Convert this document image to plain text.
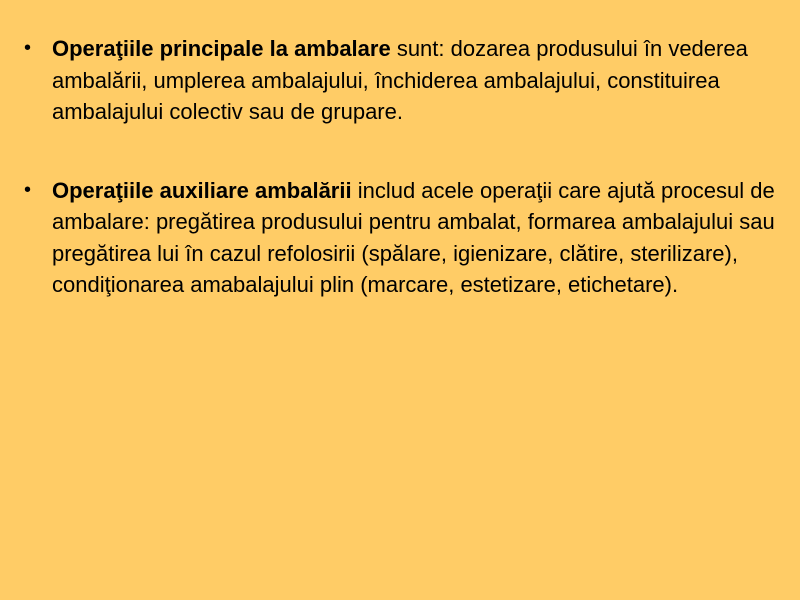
• Operaţiile principale la ambalare sunt: dozarea produsului în vederea ambalării, umplerea ambalajului, închiderea ambalajului, constituirea ambalajului colectiv sau de grupare.
• Operaţiile auxiliare ambalării includ acele operaţii care ajută procesul de ambalare: pregătirea produsului pentru ambalat, formarea ambalajului sau pregătirea lui în cazul refolosirii (spălare, igienizare, clătire, sterilizare), condiţionarea amabalajului plin (marcare, estetizare, etichetare).
